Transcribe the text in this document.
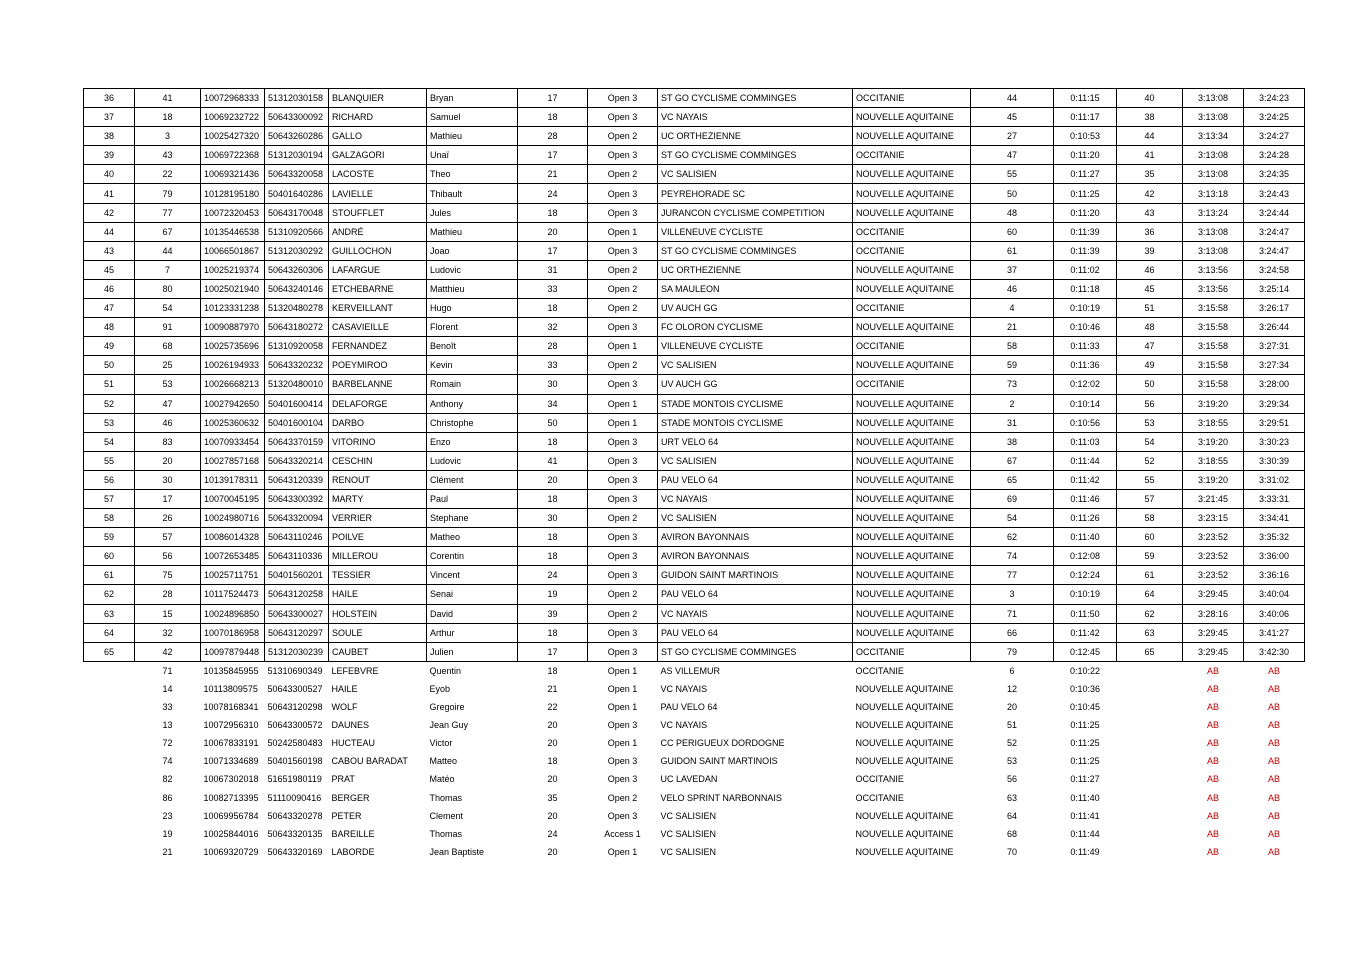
36	41	10072968333	51312030158	BLANQUIER	Bryan	17	Open 3	ST GO CYCLISME COMMINGES	OCCITANIE	44	0:11:15	40	3:13:08	3:24:23
37	18	10069232722	50643300092	RICHARD	Samuel	18	Open 3	VC NAYAIS	NOUVELLE AQUITAINE	45	0:11:17	38	3:13:08	3:24:25
38	3	10025427320	50643260286	GALLO	Mathieu	28	Open 2	UC ORTHEZIENNE	NOUVELLE AQUITAINE	27	0:10:53	44	3:13:34	3:24:27
39	43	10069722368	51312030194	GALZAGORI	Unaï	17	Open 3	ST GO CYCLISME COMMINGES	OCCITANIE	47	0:11:20	41	3:13:08	3:24:28
40	22	10069321436	50643320058	LACOSTE	Theo	21	Open 2	VC SALISIEN	NOUVELLE AQUITAINE	55	0:11:27	35	3:13:08	3:24:35
41	79	10128195180	50401640286	LAVIELLE	Thibault	24	Open 3	PEYREHORADE SC	NOUVELLE AQUITAINE	50	0:11:25	42	3:13:18	3:24:43
42	77	10072320453	50643170048	STOUFFLET	Jules	18	Open 3	JURANCON CYCLISME COMPETITION	NOUVELLE AQUITAINE	48	0:11:20	43	3:13:24	3:24:44
44	67	10135446538	51310920566	ANDRÉ	Mathieu	20	Open 1	VILLENEUVE CYCLISTE	OCCITANIE	60	0:11:39	36	3:13:08	3:24:47
43	44	10066501867	51312030292	GUILLOCHON	Joao	17	Open 3	ST GO CYCLISME COMMINGES	OCCITANIE	61	0:11:39	39	3:13:08	3:24:47
45	7	10025219374	50643260306	LAFARGUE	Ludovic	31	Open 2	UC ORTHEZIENNE	NOUVELLE AQUITAINE	37	0:11:02	46	3:13:56	3:24:58
46	80	10025021940	50643240146	ETCHEBARNE	Matthieu	33	Open 2	SA MAULEON	NOUVELLE AQUITAINE	46	0:11:18	45	3:13:56	3:25:14
47	54	10123331238	51320480278	KERVEILLANT	Hugo	18	Open 2	UV AUCH GG	OCCITANIE	4	0:10:19	51	3:15:58	3:26:17
48	91	10090887970	50643180272	CASAVIEILLE	Florent	32	Open 3	FC OLORON CYCLISME	NOUVELLE AQUITAINE	21	0:10:46	48	3:15:58	3:26:44
49	68	10025735696	51310920058	FERNANDEZ	Benoît	28	Open 1	VILLENEUVE CYCLISTE	OCCITANIE	58	0:11:33	47	3:15:58	3:27:31
50	25	10026194933	50643320232	POEYMIROO	Kevin	33	Open 2	VC SALISIEN	NOUVELLE AQUITAINE	59	0:11:36	49	3:15:58	3:27:34
51	53	10026668213	51320480010	BARBELANNE	Romain	30	Open 3	UV AUCH GG	OCCITANIE	73	0:12:02	50	3:15:58	3:28:00
52	47	10027942650	50401600414	DELAFORGE	Anthony	34	Open 1	STADE MONTOIS CYCLISME	NOUVELLE AQUITAINE	2	0:10:14	56	3:19:20	3:29:34
53	46	10025360632	50401600104	DARBO	Christophe	50	Open 1	STADE MONTOIS CYCLISME	NOUVELLE AQUITAINE	31	0:10:56	53	3:18:55	3:29:51
54	83	10070933454	50643370159	VITORINO	Enzo	18	Open 3	URT VELO 64	NOUVELLE AQUITAINE	38	0:11:03	54	3:19:20	3:30:23
55	20	10027857168	50643320214	CESCHIN	Ludovic	41	Open 3	VC SALISIEN	NOUVELLE AQUITAINE	67	0:11:44	52	3:18:55	3:30:39
56	30	10139178311	50643120339	RENOUT	Clément	20	Open 3	PAU VELO 64	NOUVELLE AQUITAINE	65	0:11:42	55	3:19:20	3:31:02
57	17	10070045195	50643300392	MARTY	Paul	18	Open 3	VC NAYAIS	NOUVELLE AQUITAINE	69	0:11:46	57	3:21:45	3:33:31
58	26	10024980716	50643320094	VERRIER	Stephane	30	Open 2	VC SALISIEN	NOUVELLE AQUITAINE	54	0:11:26	58	3:23:15	3:34:41
59	57	10086014328	50643110246	POILVE	Matheo	18	Open 3	AVIRON BAYONNAIS	NOUVELLE AQUITAINE	62	0:11:40	60	3:23:52	3:35:32
60	56	10072653485	50643110336	MILLEROU	Corentin	18	Open 3	AVIRON BAYONNAIS	NOUVELLE AQUITAINE	74	0:12:08	59	3:23:52	3:36:00
61	75	10025711751	50401560201	TESSIER	Vincent	24	Open 3	GUIDON SAINT MARTINOIS	NOUVELLE AQUITAINE	77	0:12:24	61	3:23:52	3:36:16
62	28	10117524473	50643120258	HAILE	Senai	19	Open 2	PAU VELO 64	NOUVELLE AQUITAINE	3	0:10:19	64	3:29:45	3:40:04
63	15	10024896850	50643300027	HOLSTEIN	David	39	Open 2	VC NAYAIS	NOUVELLE AQUITAINE	71	0:11:50	62	3:28:16	3:40:06
64	32	10070186958	50643120297	SOULE	Arthur	18	Open 3	PAU VELO 64	NOUVELLE AQUITAINE	66	0:11:42	63	3:29:45	3:41:27
65	42	10097879448	51312030239	CAUBET	Julien	17	Open 3	ST GO CYCLISME COMMINGES	OCCITANIE	79	0:12:45	65	3:29:45	3:42:30
	71	10135845955	51310690349	LEFEBVRE	Quentin	18	Open 1	AS VILLEMUR	OCCITANIE	6	0:10:22		AB	AB
	14	10113809575	50643300527	HAILE	Eyob	21	Open 1	VC NAYAIS	NOUVELLE AQUITAINE	12	0:10:36		AB	AB
	33	10078168341	50643120298	WOLF	Gregoire	22	Open 1	PAU VELO 64	NOUVELLE AQUITAINE	20	0:10:45		AB	AB
	13	10072956310	50643300572	DAUNES	Jean Guy	20	Open 3	VC NAYAIS	NOUVELLE AQUITAINE	51	0:11:25		AB	AB
	72	10067833191	50242580483	HUCTEAU	Victor	20	Open 1	CC PERIGUEUX DORDOGNE	NOUVELLE AQUITAINE	52	0:11:25		AB	AB
	74	10071334689	50401560198	CABOU BARADAT	Matteo	18	Open 3	GUIDON SAINT MARTINOIS	NOUVELLE AQUITAINE	53	0:11:25		AB	AB
	82	10067302018	51651980119	PRAT	Matéo	20	Open 3	UC LAVEDAN	OCCITANIE	56	0:11:27		AB	AB
	86	10082713395	51110090416	BERGER	Thomas	35	Open 2	VELO SPRINT NARBONNAIS	OCCITANIE	63	0:11:40		AB	AB
	23	10069956784	50643320278	PETER	Clement	20	Open 3	VC SALISIEN	NOUVELLE AQUITAINE	64	0:11:41		AB	AB
	19	10025844016	50643320135	BAREILLE	Thomas	24	Access 1	VC SALISIEN	NOUVELLE AQUITAINE	68	0:11:44		AB	AB
	21	10069320729	50643320169	LABORDE	Jean Baptiste	20	Open 1	VC SALISIEN	NOUVELLE AQUITAINE	70	0:11:49		AB	AB
